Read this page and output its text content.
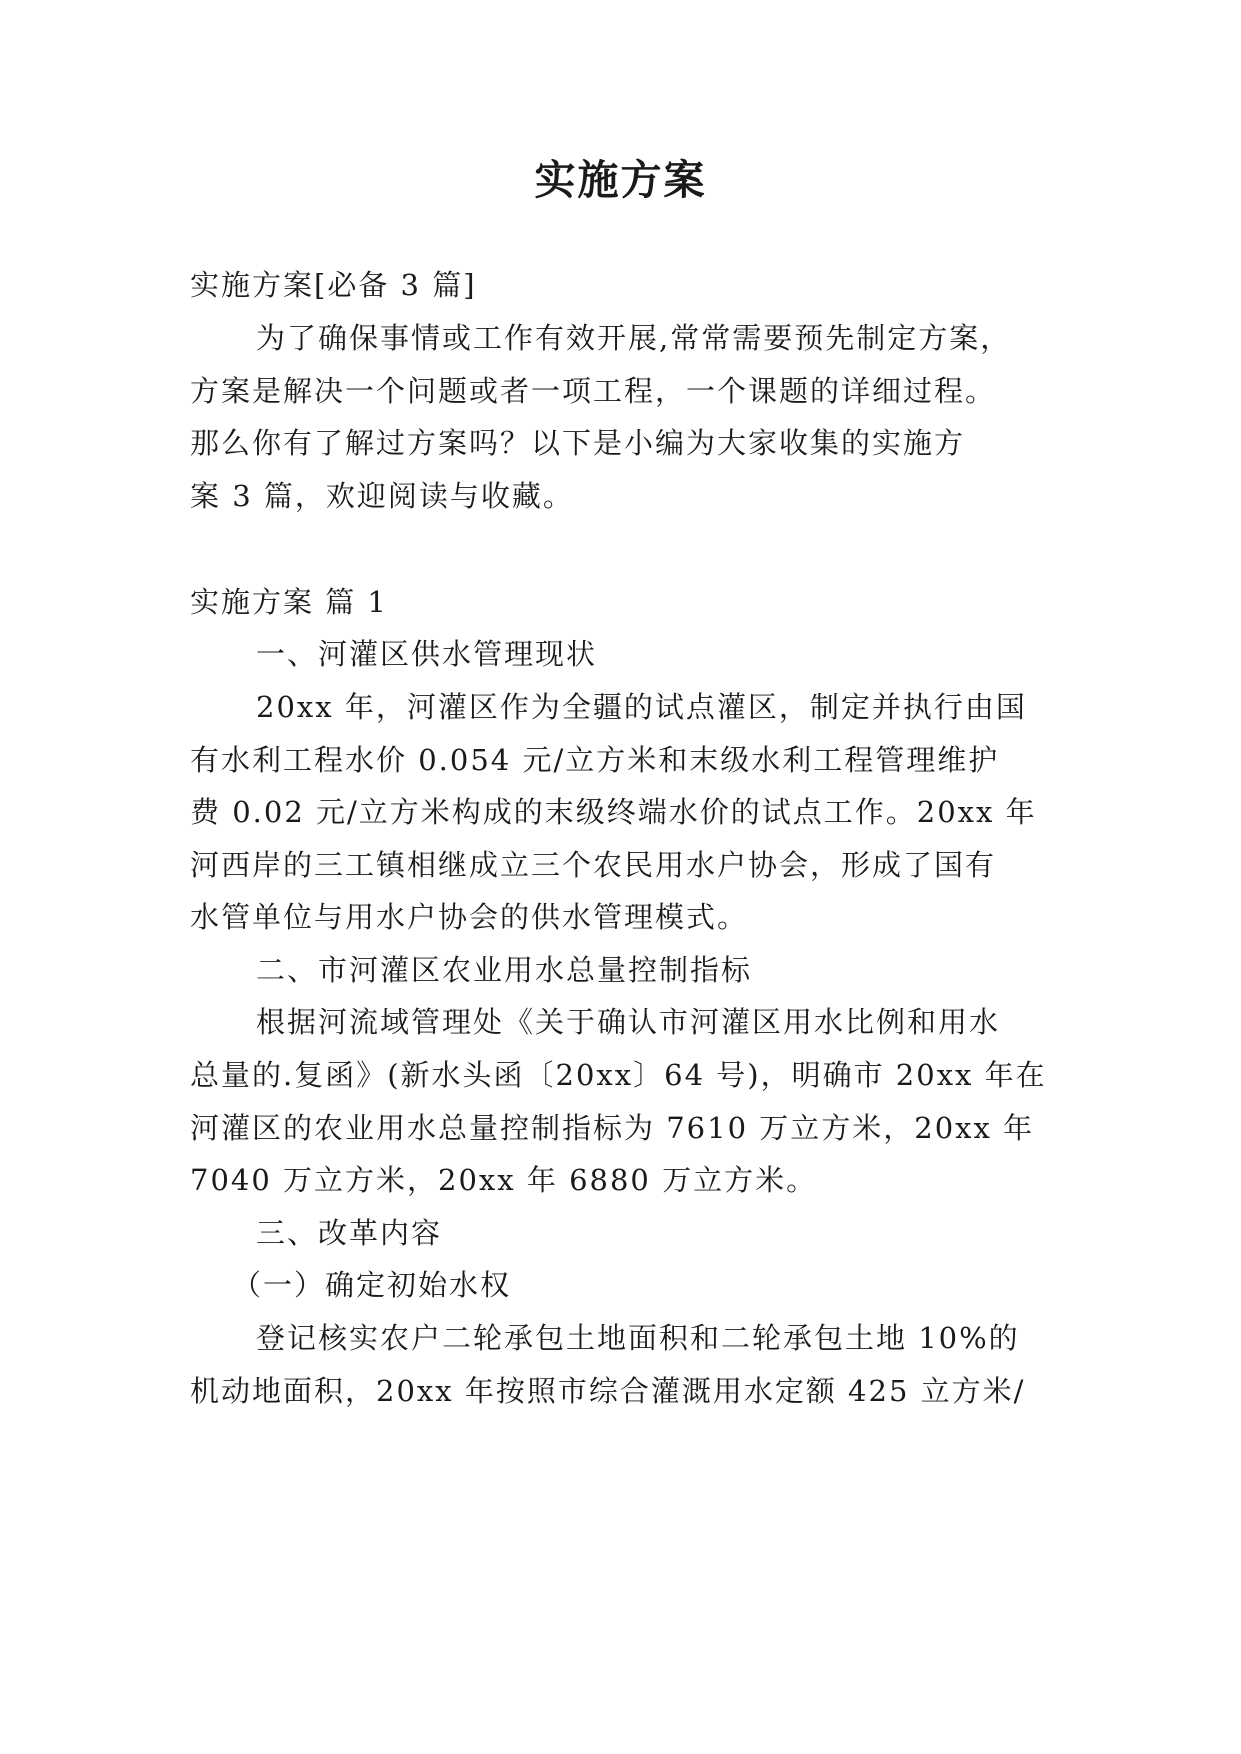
实施方案
实施方案[必备 3 篇]
为了确保事情或工作有效开展,常常需要预先制定方案，
方案是解决一个问题或者一项工程，一个课题的详细过程。
那么你有了解过方案吗？以下是小编为大家收集的实施方
案 3 篇，欢迎阅读与收藏。
实施方案 篇 1
一、河灌区供水管理现状
20xx 年，河灌区作为全疆的试点灌区，制定并执行由国
有水利工程水价 0.054 元/立方米和末级水利工程管理维护
费 0.02 元/立方米构成的末级终端水价的试点工作。20xx 年
河西岸的三工镇相继成立三个农民用水户协会，形成了国有
水管单位与用水户协会的供水管理模式。
二、市河灌区农业用水总量控制指标
根据河流域管理处《关于确认市河灌区用水比例和用水
总量的.复函》(新水头函〔20xx〕64 号)，明确市 20xx 年在
河灌区的农业用水总量控制指标为 7610 万立方米，20xx 年
7040 万立方米，20xx 年 6880 万立方米。
三、改革内容
（一）确定初始水权
登记核实农户二轮承包土地面积和二轮承包土地 10%的
机动地面积，20xx 年按照市综合灌溉用水定额 425 立方米/
